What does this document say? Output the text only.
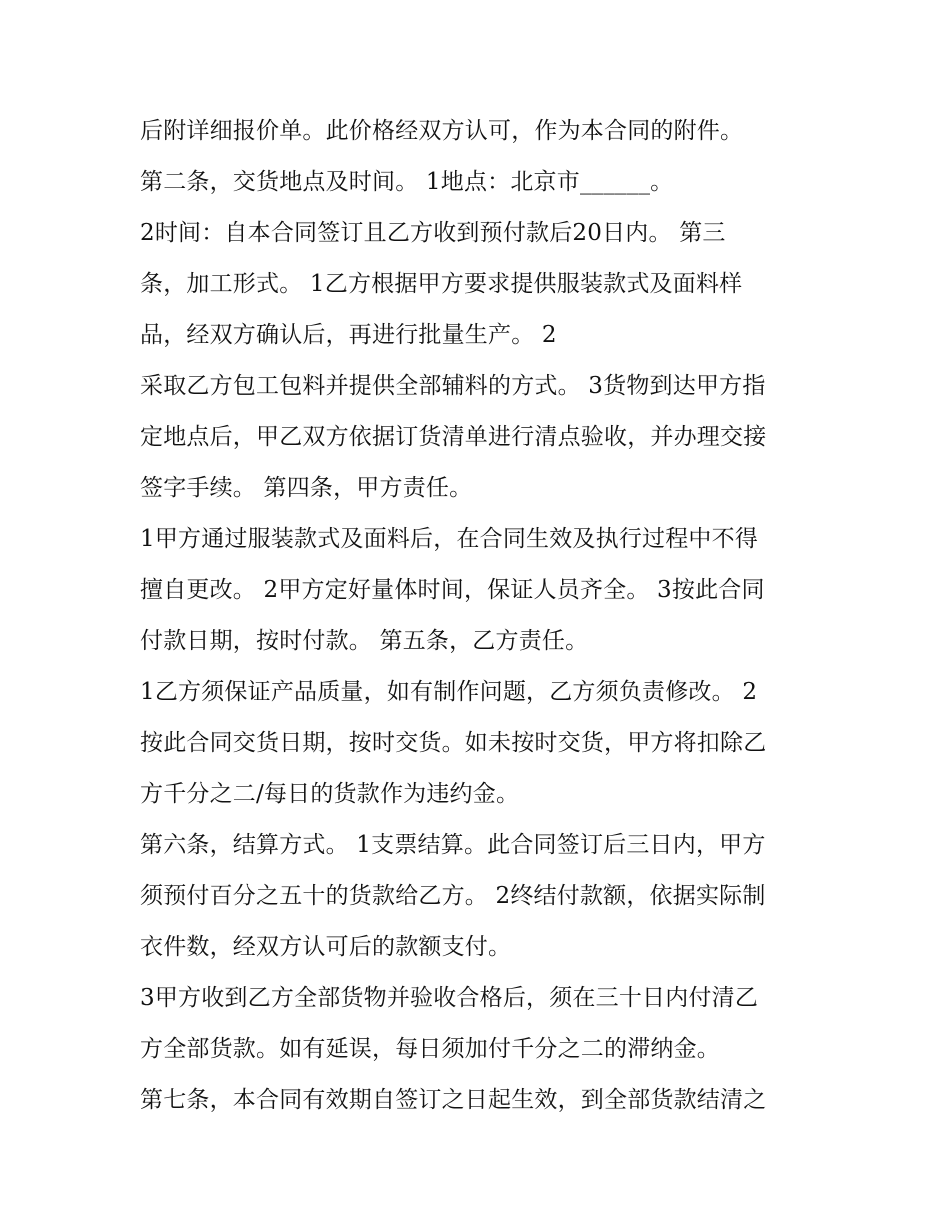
后附详细报价单。此价格经双方认可，作为本合同的附件。
第二条，交货地点及时间。 1地点：北京市______。
2时间：自本合同签订且乙方收到预付款后20日内。 第三
条，加工形式。 1乙方根据甲方要求提供服装款式及面料样
品，经双方确认后，再进行批量生产。 2
采取乙方包工包料并提供全部辅料的方式。 3货物到达甲方指
定地点后，甲乙双方依据订货清单进行清点验收，并办理交接
签字手续。 第四条，甲方责任。
1甲方通过服装款式及面料后，在合同生效及执行过程中不得
擅自更改。 2甲方定好量体时间，保证人员齐全。 3按此合同
付款日期，按时付款。 第五条，乙方责任。
1乙方须保证产品质量，如有制作问题，乙方须负责修改。 2
按此合同交货日期，按时交货。如未按时交货，甲方将扣除乙
方千分之二/每日的货款作为违约金。
第六条，结算方式。 1支票结算。此合同签订后三日内，甲方
须预付百分之五十的货款给乙方。 2终结付款额，依据实际制
衣件数，经双方认可后的款额支付。
3甲方收到乙方全部货物并验收合格后，须在三十日内付清乙
方全部货款。如有延误，每日须加付千分之二的滞纳金。
第七条，本合同有效期自签订之日起生效，到全部货款结清之
